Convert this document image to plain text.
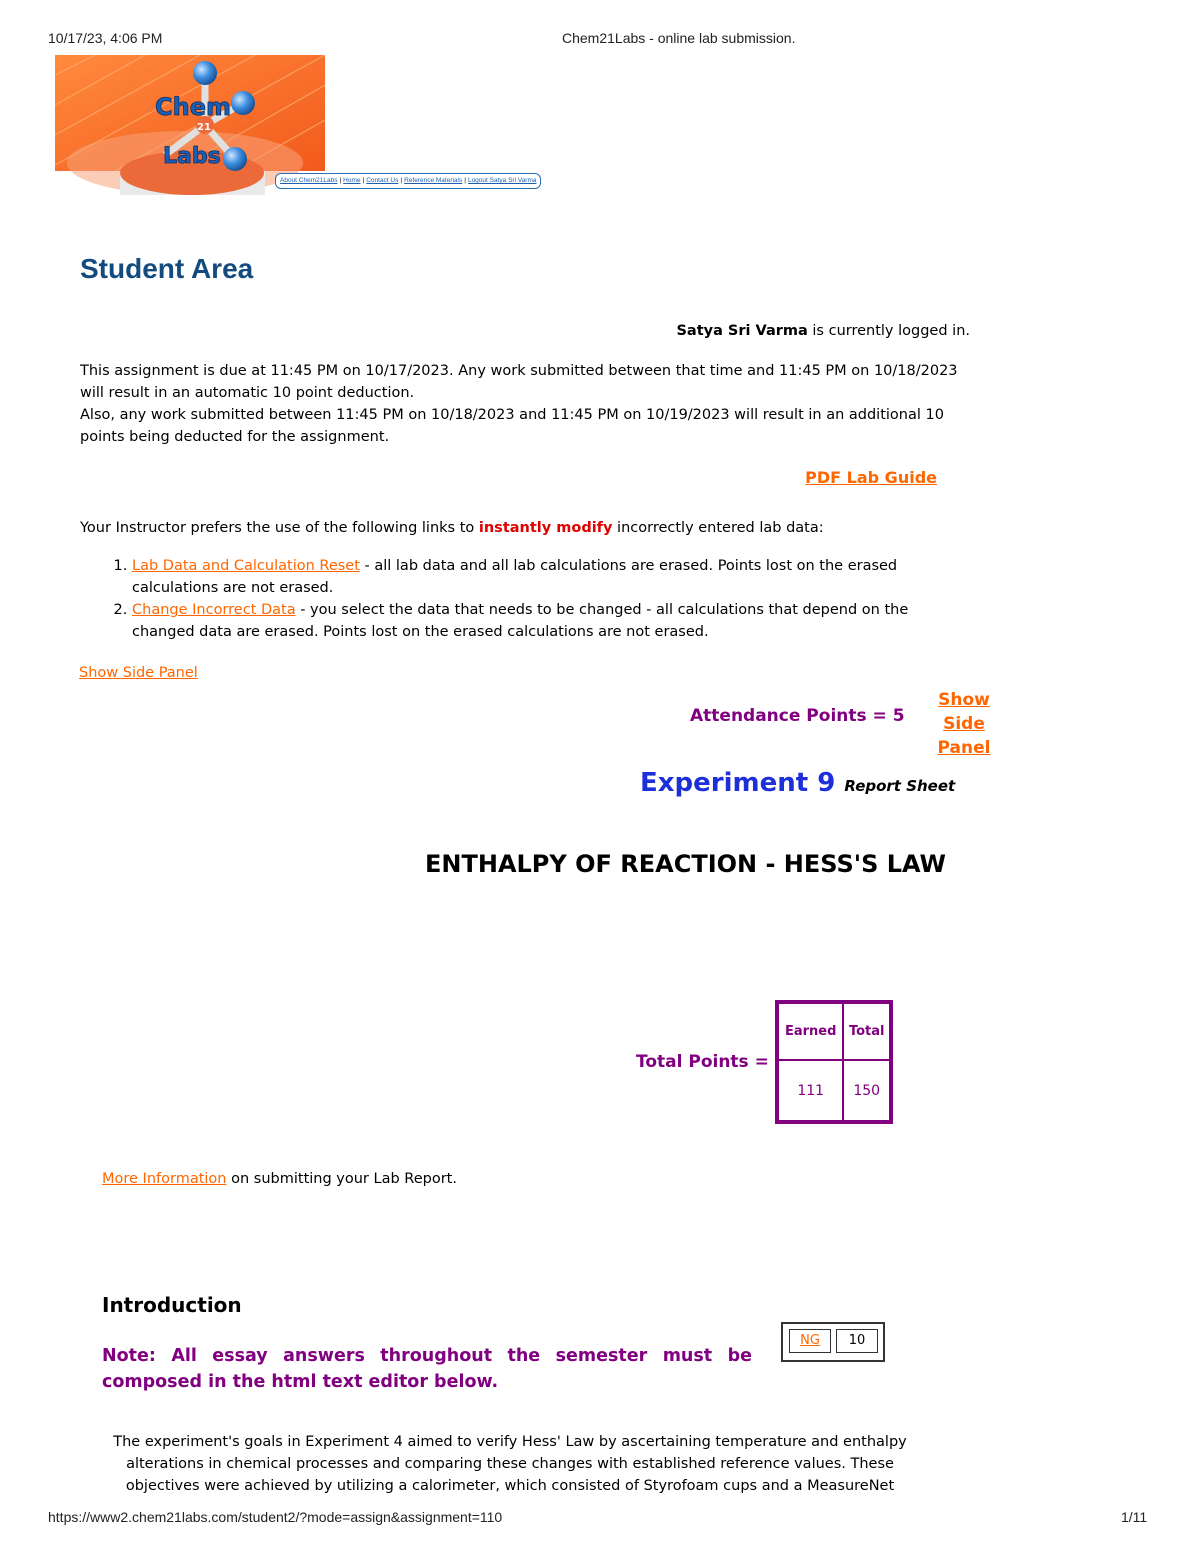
10/17/23, 4:06 PM	Chem21Labs - online lab submission.
Chem
21
Labs
About Chem21Labs | Home | Contact Us | Reference Materials | Logout Satya Sri Varma
Student Area
Satya Sri Varma is currently logged in.
This assignment is due at 11:45 PM on 10/17/2023. Any work submitted between that time and 11:45 PM on 10/18/2023 will result in an automatic 10 point deduction.
Also, any work submitted between 11:45 PM on 10/18/2023 and 11:45 PM on 10/19/2023 will result in an additional 10 points being deducted for the assignment.
PDF Lab Guide
Your Instructor prefers the use of the following links to instantly modify incorrectly entered lab data:
1. Lab Data and Calculation Reset - all lab data and all lab calculations are erased. Points lost on the erased calculations are not erased.
2. Change Incorrect Data - you select the data that needs to be changed - all calculations that depend on the changed data are erased. Points lost on the erased calculations are not erased.
Show Side Panel
Attendance Points = 5
Show
Side
Panel
Experiment 9 Report Sheet
ENTHALPY OF REACTION - HESS'S LAW
Total Points =
Earned	Total
111	150
More Information on submitting your Lab Report.
Introduction
Note: All essay answers throughout the semester must be composed in the html text editor below.
NG	10
The experiment's goals in Experiment 4 aimed to verify Hess' Law by ascertaining temperature and enthalpy alterations in chemical processes and comparing these changes with established reference values. These objectives were achieved by utilizing a calorimeter, which consisted of Styrofoam cups and a MeasureNet
https://www2.chem21labs.com/student2/?mode=assign&assignment=110	1/11
